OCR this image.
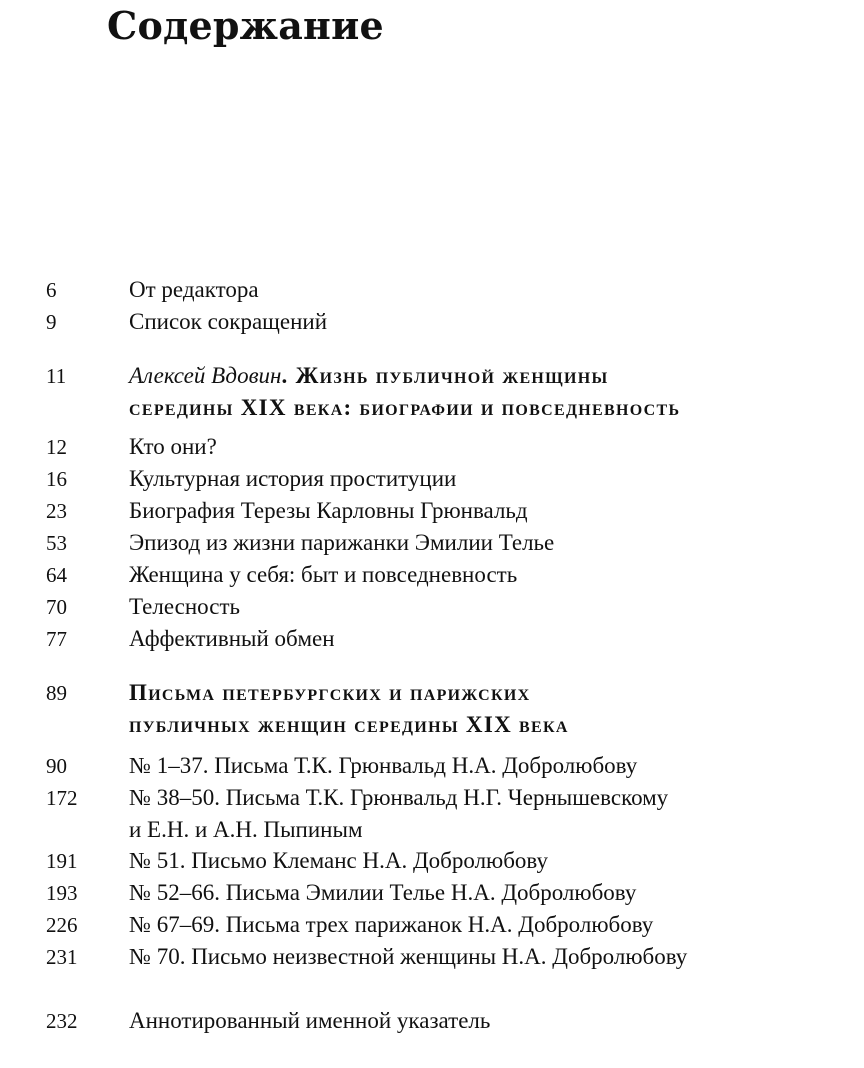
Содержание
6	От редактора
9	Список сокращений
11	Алексей Вдовин. Жизнь публичной женщины
середины XIX века: биографии и повседневность
12	Кто они?
16	Культурная история проституции
23	Биография Терезы Карловны Грюнвальд
53	Эпизод из жизни парижанки Эмилии Телье
64	Женщина у себя: быт и повседневность
70	Телесность
77	Аффективный обмен
89	Письма петербургских и парижских
публичных женщин середины XIX века
90	№ 1–37. Письма Т.К. Грюнвальд Н.А. Добролюбову
172 № 38–50. Письма Т.К. Грюнвальд Н.Г. Чернышевскому
и Е.Н. и А.Н. Пыпиным
191 № 51. Письмо Клеманс Н.А. Добролюбову
193 № 52–66. Письма Эмилии Телье Н.А. Добролюбову
226 № 67–69. Письма трех парижанок Н.А. Добролюбову
231 № 70. Письмо неизвестной женщины Н.А. Добролюбову
232 Аннотированный именной указатель
